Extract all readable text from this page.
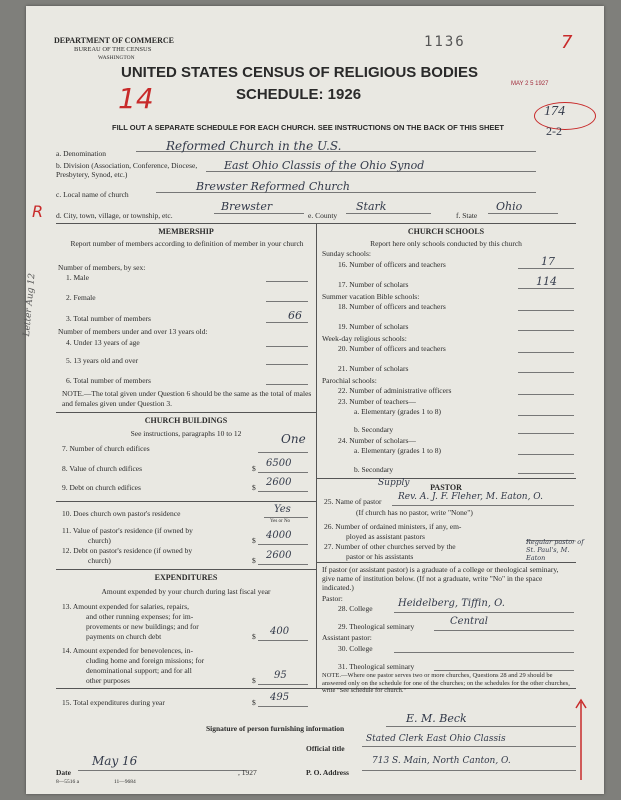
DEPARTMENT OF COMMERCE
BUREAU OF THE CENSUS
WASHINGTON
1136	7
UNITED STATES CENSUS OF RELIGIOUS BODIES
MAY 2 5 1927
SCHEDULE: 1926
14	174
2-2
FILL OUT A SEPARATE SCHEDULE FOR EACH CHURCH. SEE INSTRUCTIONS ON THE BACK OF THIS SHEET
R
a. Denomination
Reformed Church in the U.S.
b. Division (Association, Conference, Diocese, Presbytery, Synod, etc.)
East Ohio Classis of the Ohio Synod
c. Local name of church
Brewster Reformed Church
d. City, town, village, or township, etc.
Brewster
e. County
Stark
f. State
Ohio
MEMBERSHIP
Report number of members according to definition of member in your church
Number of members, by sex:
1. Male
2. Female
3. Total number of members	66
Number of members under and over 13 years old:
4. Under 13 years of age
5. 13 years old and over
6. Total number of members
NOTE.—The total given under Question 6 should be the same as the total of males and females given under Question 3.
Letter Aug 12
CHURCH BUILDINGS
See instructions, paragraphs 10 to 12
7. Number of church edifices
One
8. Value of church edifices	$ 6500
9. Debt on church edifices	$ 2600
10. Does church own pastor's residence	Yes
Yes or No
11. Value of pastor's residence (if owned by
church)	$ 4000
12. Debt on pastor's residence (if owned by
church)	$ 2600
EXPENDITURES
Amount expended by your church during last fiscal year
13. Amount expended for salaries, repairs,
and other running expenses; for im-
provements or new buildings; and for
payments on church debt	$ 400
14. Amount expended for benevolences, in-
cluding home and foreign missions; for
denominational support; and for all
other purposes	$ 95
15. Total expenditures during year	$ 495
CHURCH SCHOOLS
Report here only schools conducted by this church
Sunday schools:
16. Number of officers and teachers	17
17. Number of scholars	114
Summer vacation Bible schools:
18. Number of officers and teachers
19. Number of scholars
Week-day religious schools:
20. Number of officers and teachers
21. Number of scholars
Parochial schools:
22. Number of administrative officers
23. Number of teachers—
a. Elementary (grades 1 to 8)
b. Secondary
24. Number of scholars—
a. Elementary (grades 1 to 8)
b. Secondary
Supply	PASTOR
25. Name of pastor Rev. A. J. F. Fleher, M. Eaton, O.
(If church has no pastor, write "None")
26. Number of ordained ministers, if any, em-
ployed as assistant pastors
27. Number of other churches served by the
pastor or his assistants
Regular pastor of St. Paul's, M. Eaton
If pastor (or assistant pastor) is a graduate of a college or theological seminary, give name of institution below. (If not a graduate, write "No" in the space indicated.)
Pastor:
28. College	Heidelberg, Tiffin, O.
29. Theological seminary	Central
Assistant pastor:
30. College
31. Theological seminary
NOTE.—Where one pastor serves two or more churches, Questions 28 and 29 should be answered only on the schedule for one of the churches; on the schedules for the other churches, write "See schedule for church."
Signature of person furnishing information
E. M. Beck
Official title
Stated Clerk East Ohio Classis
Date
May 16
, 1927	P. O. Address
713 S. Main, North Canton, O.
8—5516 a	11—9684
